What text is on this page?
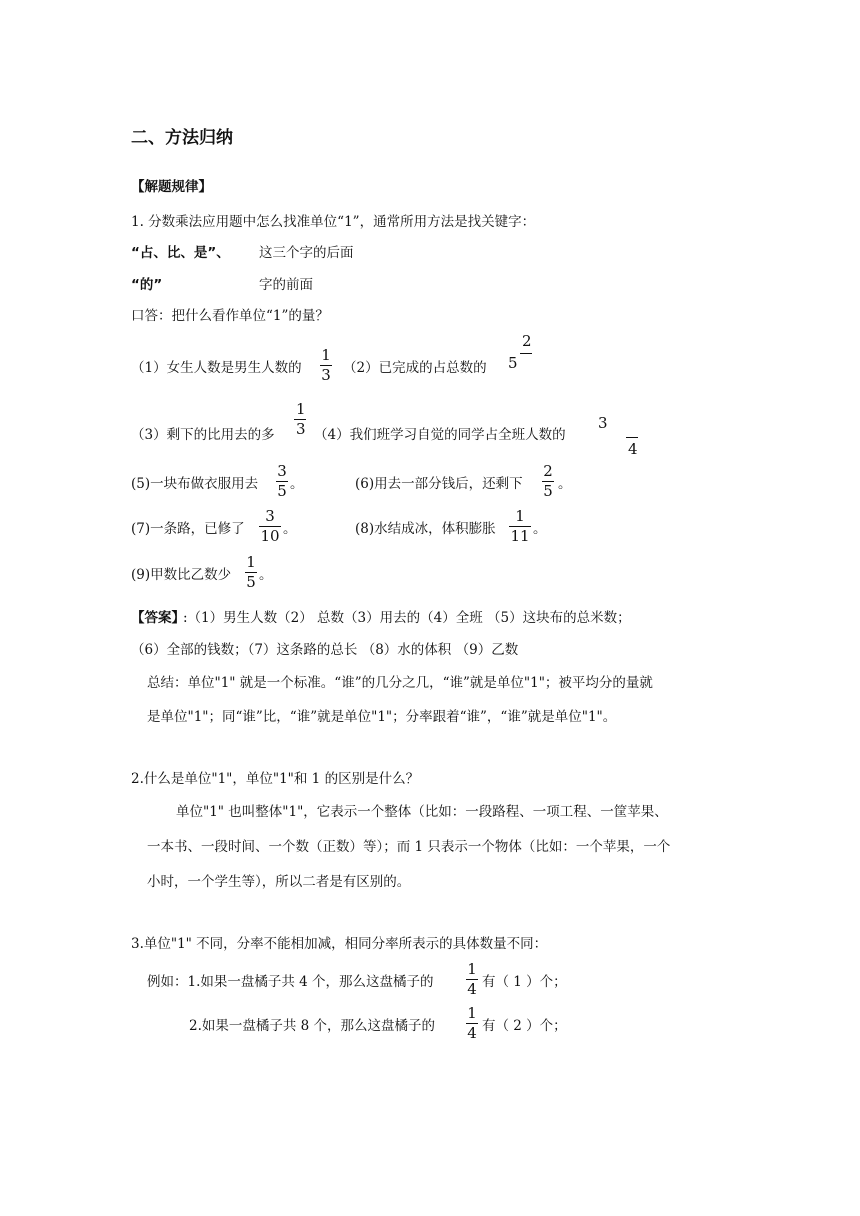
二、方法归纳
【解题规律】
1. 分数乘法应用题中怎么找准单位“1”，通常所用方法是找关键字：
“占、比、是”、 这三个字的后面
“的”	字的前面
口答：把什么看作单位“1”的量？
（1）女生人数是男生人数的
1
3 （2）已完成的占总数的 5
2
（3）剩下的比用去的多
1
3 （4）我们班学习自觉的同学占全班人数的
3
4
(5)一块布做衣服用去
3
5 。	(6)用去一部分钱后，还剩下
2
5 。
(7)一条路，已修了
3
10 。	(8)水结成冰，体积膨胀
1
11 。
(9)甲数比乙数少
1
5 。
【答案】
:（1）男生人数（2） 总数（3）用去的（4）全班 （5）这块布的总米数；
（6）全部的钱数；（7）这条路的总长 （8）水的体积 （9）乙数
总结：单位"1" 就是一个标准。“谁”的几分之几，“谁”就是单位"1"；被平均分的量就
是单位"1"；同“谁”比，“谁”就是单位"1"；分率跟着“谁”，“谁”就是单位"1"。
2.什么是单位"1"，单位"1"和 1 的区别是什么？
单位"1" 也叫整体"1"，它表示一个整体（比如：一段路程、一项工程、一筐苹果、
一本书、一段时间、一个数（正数）等）；而 1 只表示一个物体（比如：一个苹果，一个
小时，一个学生等），所以二者是有区别的。
3.单位"1" 不同，分率不能相加减，相同分率所表示的具体数量不同：
例如：1.如果一盘橘子共 4 个，那么这盘橘子的
1
4 有（ 1 ）个；
2.如果一盘橘子共 8 个，那么这盘橘子的
1
4 有（ 2 ）个；
